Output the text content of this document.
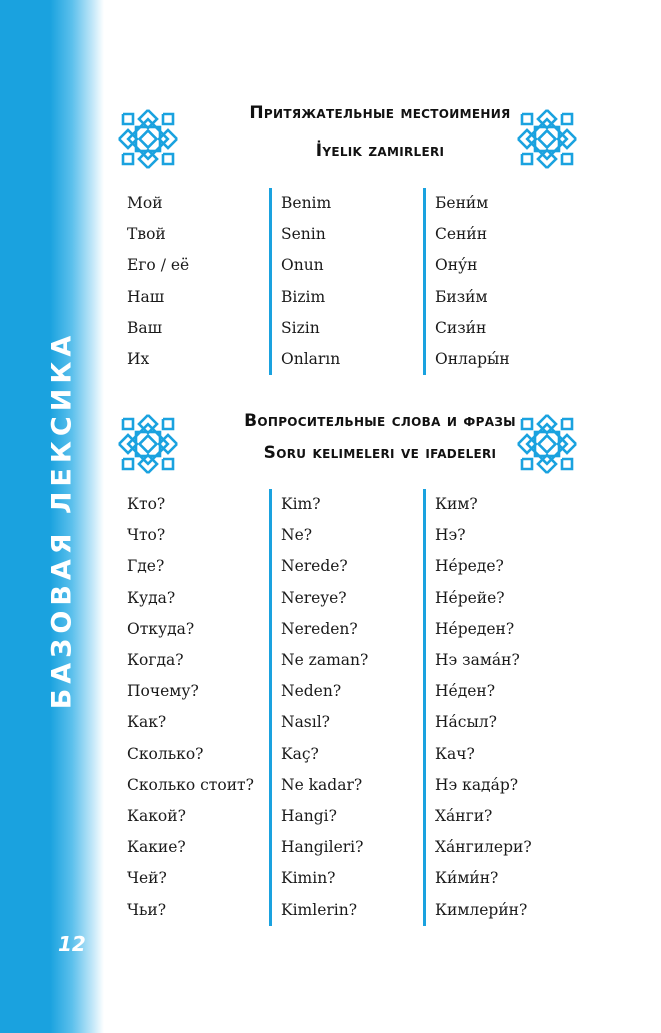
БАЗОВАЯ ЛЕКСИКА
12
Притяжательные местоимения
İyelik zamirleri
Мой
Твой
Его / её
Наш
Ваш
Их
Benim
Senin
Onun
Bizim
Sizin
Onların
Бени́м
Сени́н
Ону́н
Бизи́м
Сизи́н
Онлары́н
Вопросительные слова и фразы
Soru kelimeleri ve ifadeleri
Кто?
Что?
Где?
Куда?
Откуда?
Когда?
Почему?
Как?
Сколько?
Сколько стоит?
Какой?
Какие?
Чей?
Чьи?
Kim?
Ne?
Nerede?
Nereye?
Nereden?
Ne zaman?
Neden?
Nasıl?
Kaç?
Ne kadar?
Hangi?
Hangileri?
Kimin?
Kimlerin?
Ким?
Нэ?
Не́реде?
Не́рейе?
Не́реден?
Нэ зама́н?
Не́ден?
На́сыл?
Кач?
Нэ када́р?
Ха́нги?
Ха́нгилери?
Ки́ми́н?
Кимлери́н?
